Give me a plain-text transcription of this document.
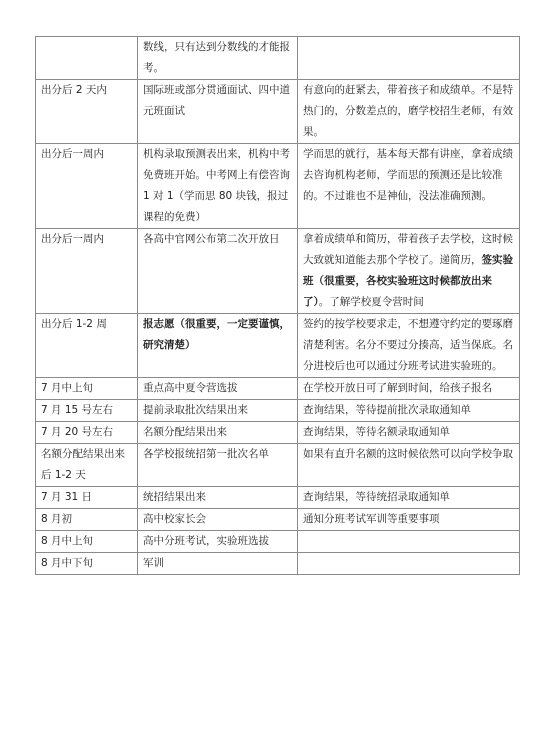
	数线，只有达到分数线的才能报考。	
出分后 2 天内	国际班或部分贯通面试、四中道元班面试	有意向的赶紧去，带着孩子和成绩单。不是特热门的，分数差点的，磨学校招生老师，有效果。
出分后一周内	机构录取预测表出来，机构中考免费班开始。中考网上有偿咨询 1 对 1（学而思 80 块钱，报过课程的免费）	学而思的就行，基本每天都有讲座，拿着成绩去咨询机构老师，学而思的预测还是比较准的。不过谁也不是神仙，没法准确预测。
出分后一周内	各高中官网公布第二次开放日	拿着成绩单和简历，带着孩子去学校，这时候大致就知道能去那个学校了。递简历，签实验班（很重要，各校实验班这时候都放出来了）。了解学校夏令营时间
出分后 1-2 周	报志愿（很重要，一定要谨慎，研究清楚）	签约的按学校要求走，不想遵守约定的要琢磨清楚利害。名分不要过分揍高，适当保底。名分进校后也可以通过分班考试进实验班的。
7 月中上旬	重点高中夏令营选拔	在学校开放日可了解到时间，给孩子报名
7 月 15 号左右	提前录取批次结果出来	查询结果，等待提前批次录取通知单
7 月 20 号左右	名额分配结果出来	查询结果，等待名额录取通知单
名额分配结果出来后 1-2 天	各学校报统招第一批次名单	如果有直升名额的这时候依然可以向学校争取
7 月 31 日	统招结果出来	查询结果，等待统招录取通知单
8 月初	高中校家长会	通知分班考试军训等重要事项
8 月中上旬	高中分班考试，实验班选拔	
8 月中下旬	军训	
